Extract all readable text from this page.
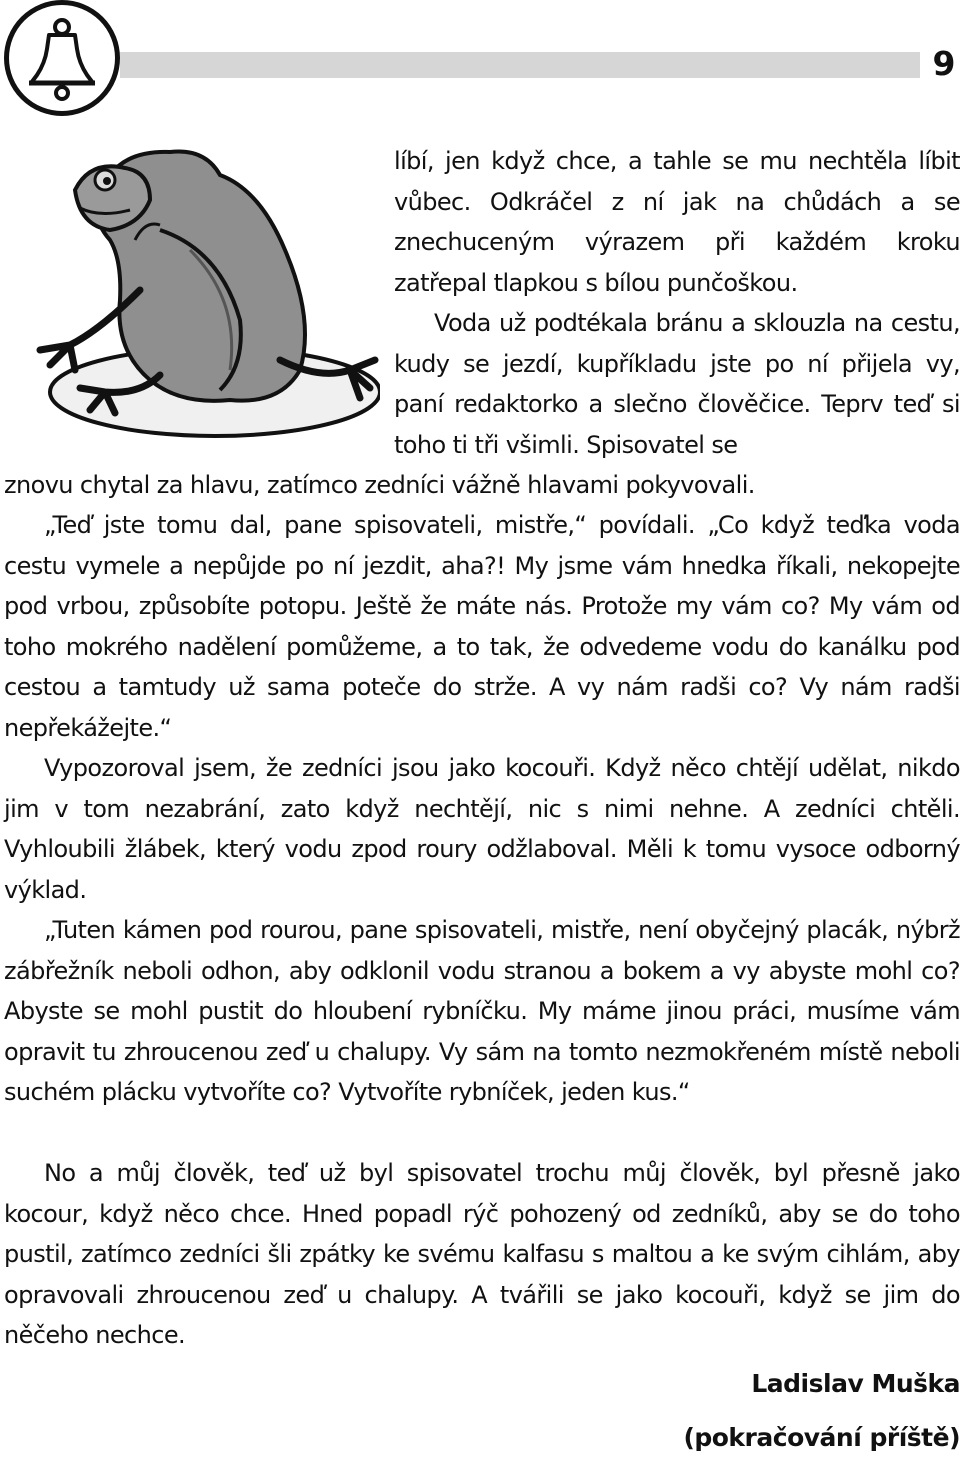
9

líbí, jen když chce, a tahle se mu nechtěla líbit vůbec. Odkráčel z ní jak na chůdách a se znechuceným výrazem při každém kroku zatřepal tlapkou s bílou punčoškou.

Voda už podtékala bránu a sklouzla na cestu, kudy se jezdí, kupříkladu jste po ní přijela vy, paní redaktorko a slečno člověčice. Teprv teď si toho ti tři všimli. Spisovatel se

znovu chytal za hlavu, zatímco zedníci vážně hlavami pokyvovali.

„Teď jste tomu dal, pane spisovateli, mistře,“ povídali. „Co když teďka voda cestu vymele a nepůjde po ní jezdit, aha?! My jsme vám hnedka říkali, nekopejte pod vrbou, způsobíte potopu. Ještě že máte nás. Protože my vám co? My vám od toho mokrého nadělení pomůžeme, a to tak, že odvedeme vodu do kanálku pod cestou a tamtudy už sama poteče do strže. A vy nám radši co? Vy nám radši nepřekážejte.“

Vypozoroval jsem, že zedníci jsou jako kocouři. Když něco chtějí udělat, nikdo jim v tom nezabrání, zato když nechtějí, nic s nimi nehne. A zedníci chtěli. Vyhloubili žlábek, který vodu zpod roury odžlaboval. Měli k tomu vysoce odborný výklad.

„Tuten kámen pod rourou, pane spisovateli, mistře, není obyčejný placák, nýbrž zábřežník neboli odhon, aby odklonil vodu stranou a bokem a vy abyste mohl co? Abyste se mohl pustit do hloubení rybníčku. My máme jinou práci, musíme vám opravit tu zhroucenou zeď u chalupy. Vy sám na tomto nezmokřeném místě neboli suchém plácku vytvoříte co? Vytvoříte rybníček, jeden kus.“

No a můj člověk, teď už byl spisovatel trochu můj člověk, byl přesně jako kocour, když něco chce. Hned popadl rýč pohozený od zedníků, aby se do toho pustil, zatímco zedníci šli zpátky ke svému kalfasu s maltou a ke svým cihlám, aby opravovali zhroucenou zeď u chalupy. A tvářili se jako kocouři, když se jim do něčeho nechce.

Ladislav Muška
(pokračování příště)
